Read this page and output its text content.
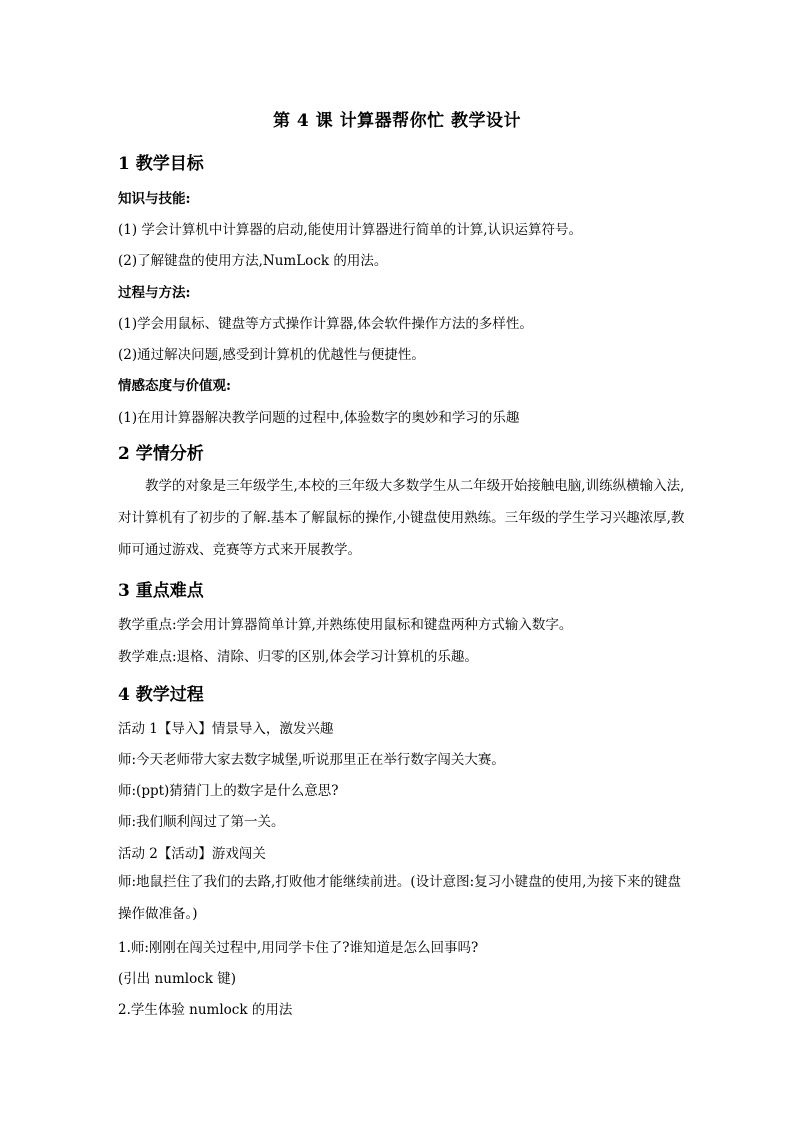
第 4 课 计算器帮你忙 教学设计
1 教学目标
知识与技能:
(1) 学会计算机中计算器的启动,能使用计算器进行简单的计算,认识运算符号。
(2)了解键盘的使用方法,NumLock 的用法。
过程与方法:
(1)学会用鼠标、键盘等方式操作计算器,体会软件操作方法的多样性。
(2)通过解决问题,感受到计算机的优越性与便捷性。
情感态度与价值观:
(1)在用计算器解决教学问题的过程中,体验数字的奥妙和学习的乐趣
2 学情分析
教学的对象是三年级学生,本校的三年级大多数学生从二年级开始接触电脑,训练纵横输入法,对计算机有了初步的了解.基本了解鼠标的操作,小键盘使用熟练。三年级的学生学习兴趣浓厚,教师可通过游戏、竞赛等方式来开展教学。
3 重点难点
教学重点:学会用计算器简单计算,并熟练使用鼠标和键盘两种方式输入数字。
教学难点:退格、清除、归零的区别,体会学习计算机的乐趣。
4 教学过程
活动 1【导入】情景导入，激发兴趣
师:今天老师带大家去数字城堡,听说那里正在举行数字闯关大赛。
师:(ppt)猜猜门上的数字是什么意思?
师:我们顺利闯过了第一关。
活动 2【活动】游戏闯关
师:地鼠拦住了我们的去路,打败他才能继续前进。(设计意图:复习小键盘的使用,为接下来的键盘操作做准备。)
1.师:刚刚在闯关过程中,用同学卡住了?谁知道是怎么回事吗?
(引出 numlock 键)
2.学生体验 numlock 的用法
